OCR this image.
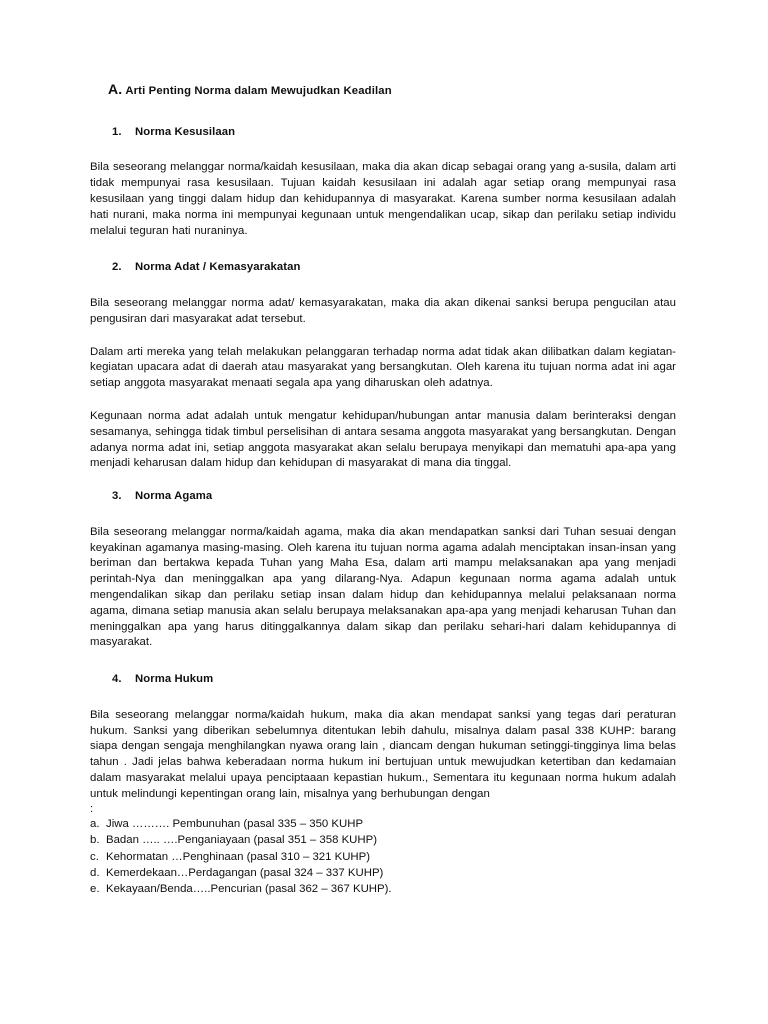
A. Arti Penting Norma dalam Mewujudkan Keadilan
1. Norma Kesusilaan

Bila seseorang melanggar norma/kaidah kesusilaan, maka dia akan dicap sebagai orang yang a-susila, dalam arti tidak mempunyai rasa kesusilaan. Tujuan kaidah kesusilaan ini adalah agar setiap orang mempunyai rasa kesusilaan yang tinggi dalam hidup dan kehidupannya di masyarakat. Karena sumber norma kesusilaan adalah hati nurani, maka norma ini mempunyai kegunaan untuk mengendalikan ucap, sikap dan perilaku setiap individu melalui teguran hati nuraninya.

2. Norma Adat / Kemasyarakatan

Bila seseorang melanggar norma adat/ kemasyarakatan, maka dia akan dikenai sanksi berupa pengucilan atau pengusiran dari masyarakat adat tersebut.

Dalam arti mereka yang telah melakukan pelanggaran terhadap norma adat tidak akan dilibatkan dalam kegiatan-kegiatan upacara adat di daerah atau masyarakat yang bersangkutan. Oleh karena itu tujuan norma adat ini agar setiap anggota masyarakat menaati segala apa yang diharuskan oleh adatnya.

Kegunaan norma adat adalah untuk mengatur kehidupan/hubungan antar manusia dalam berinteraksi dengan sesamanya, sehingga tidak timbul perselisihan di antara sesama anggota masyarakat yang bersangkutan. Dengan adanya norma adat ini, setiap anggota masyarakat akan selalu berupaya menyikapi dan mematuhi apa-apa yang menjadi keharusan dalam hidup dan kehidupan di masyarakat di mana dia tinggal.

3. Norma Agama

Bila seseorang melanggar norma/kaidah agama, maka dia akan mendapatkan sanksi dari Tuhan sesuai dengan keyakinan agamanya masing-masing. Oleh karena itu tujuan norma agama adalah menciptakan insan-insan yang beriman dan bertakwa kepada Tuhan yang Maha Esa, dalam arti mampu melaksanakan apa yang menjadi perintah-Nya dan meninggalkan apa yang dilarang-Nya. Adapun kegunaan norma agama adalah untuk mengendalikan sikap dan perilaku setiap insan dalam hidup dan kehidupannya melalui pelaksanaan norma agama, dimana setiap manusia akan selalu berupaya melaksanakan apa-apa yang menjadi keharusan Tuhan dan meninggalkan apa yang harus ditinggalkannya dalam sikap dan perilaku sehari-hari dalam kehidupannya di masyarakat.

4. Norma Hukum

Bila seseorang melanggar norma/kaidah hukum, maka dia akan mendapat sanksi yang tegas dari peraturan hukum. Sanksi yang diberikan sebelumnya ditentukan lebih dahulu, misalnya dalam pasal 338 KUHP: barang siapa dengan sengaja menghilangkan nyawa orang lain , diancam dengan hukuman setinggi-tingginya lima belas tahun . Jadi jelas bahwa keberadaan norma hukum ini bertujuan untuk mewujudkan ketertiban dan kedamaian dalam masyarakat melalui upaya penciptaaan kepastian hukum., Sementara itu kegunaan norma hukum adalah untuk melindungi kepentingan orang lain, misalnya yang berhubungan dengan

:
a. Jiwa ………. Pembunuhan (pasal 335 – 350 KUHP
b. Badan ….. ….Penganiayaan (pasal 351 – 358 KUHP)
c. Kehormatan …Penghinaan (pasal 310 – 321 KUHP)
d. Kemerdekaan…Perdagangan (pasal 324 – 337 KUHP)
e. Kekayaan/Benda…..Pencurian (pasal 362 – 367 KUHP).
